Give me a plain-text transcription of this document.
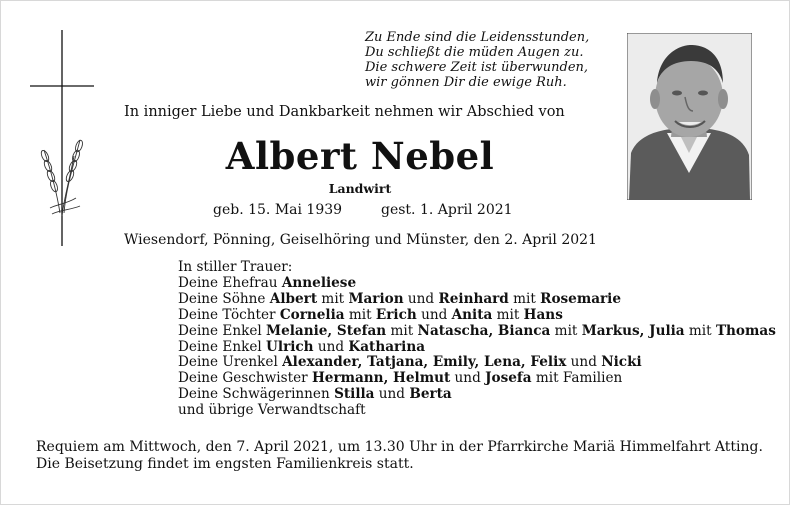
Zu Ende sind die Leidensstunden,
Du schließt die müden Augen zu.
Die schwere Zeit ist überwunden,
wir gönnen Dir die ewige Ruh.
In inniger Liebe und Dankbarkeit nehmen wir Abschied von
Albert Nebel
Landwirt
geb. 15. Mai 1939	gest. 1. April 2021
Wiesendorf, Pönning, Geiselhöring und Münster, den 2. April 2021
In stiller Trauer:
Deine Ehefrau Anneliese
Deine Söhne Albert mit Marion und Reinhard mit Rosemarie
Deine Töchter Cornelia mit Erich und Anita mit Hans
Deine Enkel Melanie, Stefan mit Natascha, Bianca mit Markus, Julia mit Thomas
Deine Enkel Ulrich und Katharina
Deine Urenkel Alexander, Tatjana, Emily, Lena, Felix und Nicki
Deine Geschwister Hermann, Helmut und Josefa mit Familien
Deine Schwägerinnen Stilla und Berta
und übrige Verwandtschaft
Requiem am Mittwoch, den 7. April 2021, um 13.30 Uhr in der Pfarrkirche Mariä Himmelfahrt Atting.
Die Beisetzung findet im engsten Familienkreis statt.
